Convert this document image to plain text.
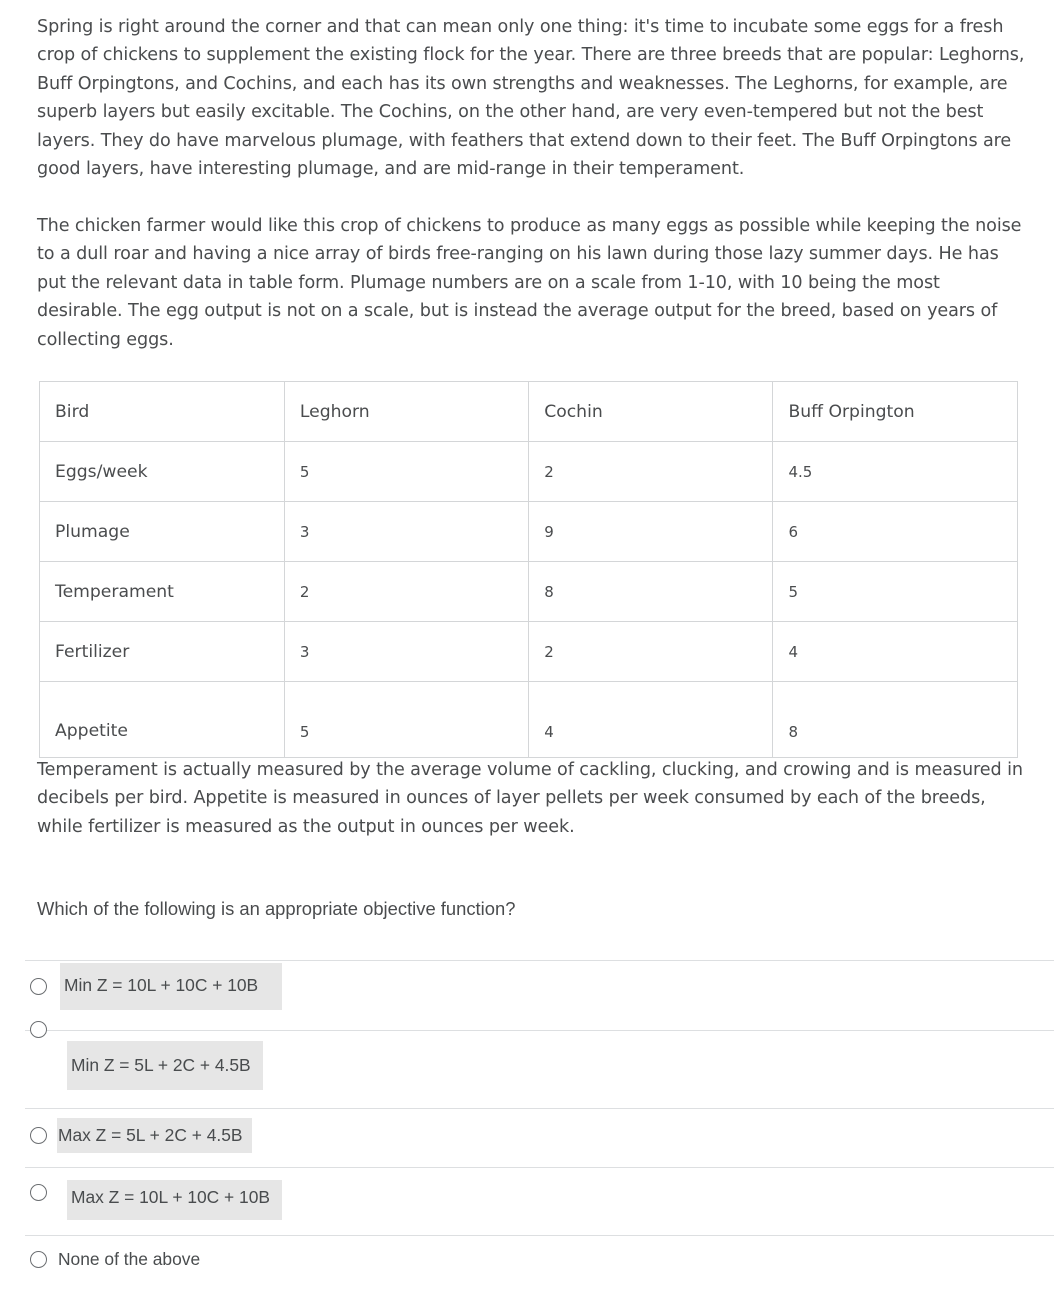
Spring is right around the corner and that can mean only one thing: it's time to incubate some eggs for a fresh crop of chickens to supplement the existing flock for the year. There are three breeds that are popular: Leghorns, Buff Orpingtons, and Cochins, and each has its own strengths and weaknesses. The Leghorns, for example, are superb layers but easily excitable. The Cochins, on the other hand, are very even-tempered but not the best layers. They do have marvelous plumage, with feathers that extend down to their feet. The Buff Orpingtons are good layers, have interesting plumage, and are mid-range in their temperament.

The chicken farmer would like this crop of chickens to produce as many eggs as possible while keeping the noise to a dull roar and having a nice array of birds free-ranging on his lawn during those lazy summer days. He has put the relevant data in table form. Plumage numbers are on a scale from 1-10, with 10 being the most desirable. The egg output is not on a scale, but is instead the average output for the breed, based on years of collecting eggs.

Bird	Leghorn	Cochin	Buff Orpington
Eggs/week	5	2	4.5
Plumage	3	9	6
Temperament	2	8	5
Fertilizer	3	2	4
Appetite	5	4	8

Temperament is actually measured by the average volume of cackling, clucking, and crowing and is measured in decibels per bird. Appetite is measured in ounces of layer pellets per week consumed by each of the breeds, while fertilizer is measured as the output in ounces per week.

Which of the following is an appropriate objective function?

Min Z = 10L + 10C + 10B
Min Z = 5L + 2C + 4.5B
Max Z = 5L + 2C + 4.5B
Max Z = 10L + 10C + 10B
None of the above
